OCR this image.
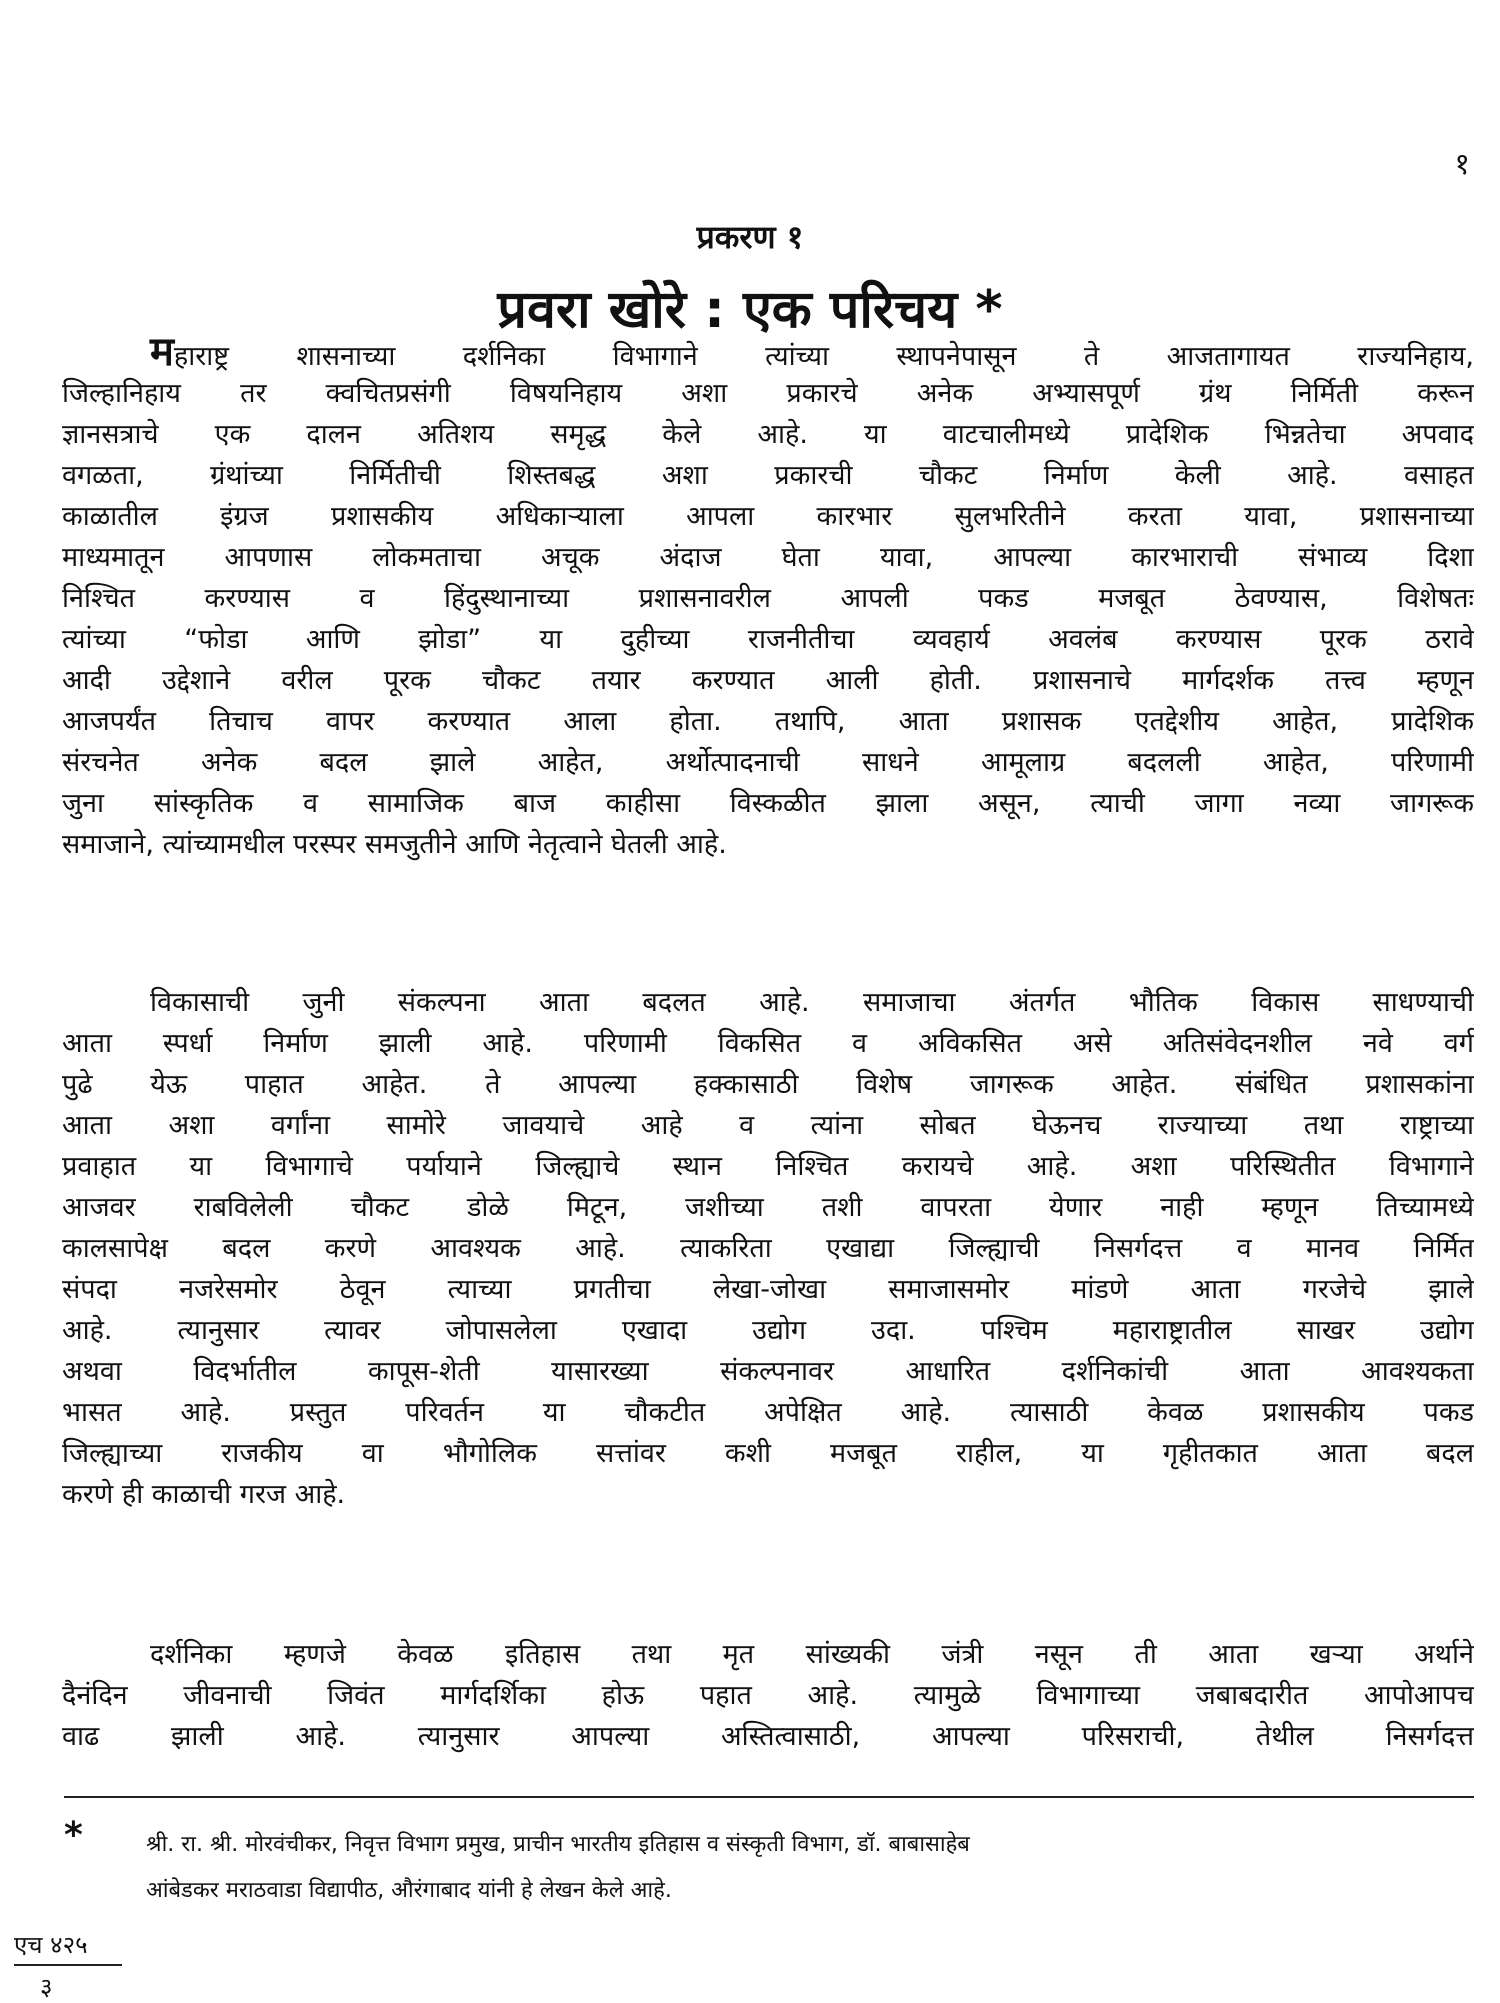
१
प्रकरण १
प्रवरा खोरे : एक परिचय *
महाराष्ट्र शासनाच्या दर्शनिका विभागाने त्यांच्या स्थापनेपासून ते आजतागायत राज्यनिहाय,
जिल्हानिहाय तर क्वचितप्रसंगी विषयनिहाय अशा प्रकारचे अनेक अभ्यासपूर्ण ग्रंथ निर्मिती करून
ज्ञानसत्राचे एक दालन अतिशय समृद्ध केले आहे. या वाटचालीमध्ये प्रादेशिक भिन्नतेचा अपवाद
वगळता, ग्रंथांच्या निर्मितीची शिस्तबद्ध अशा प्रकारची चौकट निर्माण केली आहे. वसाहत
काळातील इंग्रज प्रशासकीय अधिकाऱ्याला आपला कारभार सुलभरितीने करता यावा, प्रशासनाच्या
माध्यमातून आपणास लोकमताचा अचूक अंदाज घेता यावा, आपल्या कारभाराची संभाव्य दिशा
निश्चित करण्यास व हिंदुस्थानाच्या प्रशासनावरील आपली पकड मजबूत ठेवण्यास, विशेषतः
त्यांच्या “फोडा आणि झोडा” या दुहीच्या राजनीतीचा व्यवहार्य अवलंब करण्यास पूरक ठरावे
आदी उद्देशाने वरील पूरक चौकट तयार करण्यात आली होती. प्रशासनाचे मार्गदर्शक तत्त्व म्हणून
आजपर्यंत तिचाच वापर करण्यात आला होता. तथापि, आता प्रशासक एतद्देशीय आहेत, प्रादेशिक
संरचनेत अनेक बदल झाले आहेत, अर्थोत्पादनाची साधने आमूलाग्र बदलली आहेत, परिणामी
जुना सांस्कृतिक व सामाजिक बाज काहीसा विस्कळीत झाला असून, त्याची जागा नव्या जागरूक
समाजाने, त्यांच्यामधील परस्पर समजुतीने आणि नेतृत्वाने घेतली आहे.
विकासाची जुनी संकल्पना आता बदलत आहे. समाजाचा अंतर्गत भौतिक विकास साधण्याची
आता स्पर्धा निर्माण झाली आहे. परिणामी विकसित व अविकसित असे अतिसंवेदनशील नवे वर्ग
पुढे येऊ पाहात आहेत. ते आपल्या हक्कासाठी विशेष जागरूक आहेत. संबंधित प्रशासकांना
आता अशा वर्गांना सामोरे जावयाचे आहे व त्यांना सोबत घेऊनच राज्याच्या तथा राष्ट्राच्या
प्रवाहात या विभागाचे पर्यायाने जिल्ह्याचे स्थान निश्चित करायचे आहे. अशा परिस्थितीत विभागाने
आजवर राबविलेली चौकट डोळे मिटून, जशीच्या तशी वापरता येणार नाही म्हणून तिच्यामध्ये
कालसापेक्ष बदल करणे आवश्यक आहे. त्याकरिता एखाद्या जिल्ह्याची निसर्गदत्त व मानव निर्मित
संपदा नजरेसमोर ठेवून त्याच्या प्रगतीचा लेखा-जोखा समाजासमोर मांडणे आता गरजेचे झाले
आहे. त्यानुसार त्यावर जोपासलेला एखादा उद्योग उदा. पश्चिम महाराष्ट्रातील साखर उद्योग
अथवा विदर्भातील कापूस-शेती यासारख्या संकल्पनावर आधारित दर्शनिकांची आता आवश्यकता
भासत आहे. प्रस्तुत परिवर्तन या चौकटीत अपेक्षित आहे. त्यासाठी केवळ प्रशासकीय पकड
जिल्ह्याच्या राजकीय वा भौगोलिक सत्तांवर कशी मजबूत राहील, या गृहीतकात आता बदल
करणे ही काळाची गरज आहे.
दर्शनिका म्हणजे केवळ इतिहास तथा मृत सांख्यकी जंत्री नसून ती आता खऱ्या अर्थाने
दैनंदिन जीवनाची जिवंत मार्गदर्शिका होऊ पहात आहे. त्यामुळे विभागाच्या जबाबदारीत आपोआपच
वाढ झाली आहे. त्यानुसार आपल्या अस्तित्वासाठी, आपल्या परिसराची, तेथील निसर्गदत्त
*	श्री. रा. श्री. मोरवंचीकर, निवृत्त विभाग प्रमुख, प्राचीन भारतीय इतिहास व संस्कृती विभाग, डॉ. बाबासाहेब
आंबेडकर मराठवाडा विद्यापीठ, औरंगाबाद यांनी हे लेखन केले आहे.
एच ४२५
३
